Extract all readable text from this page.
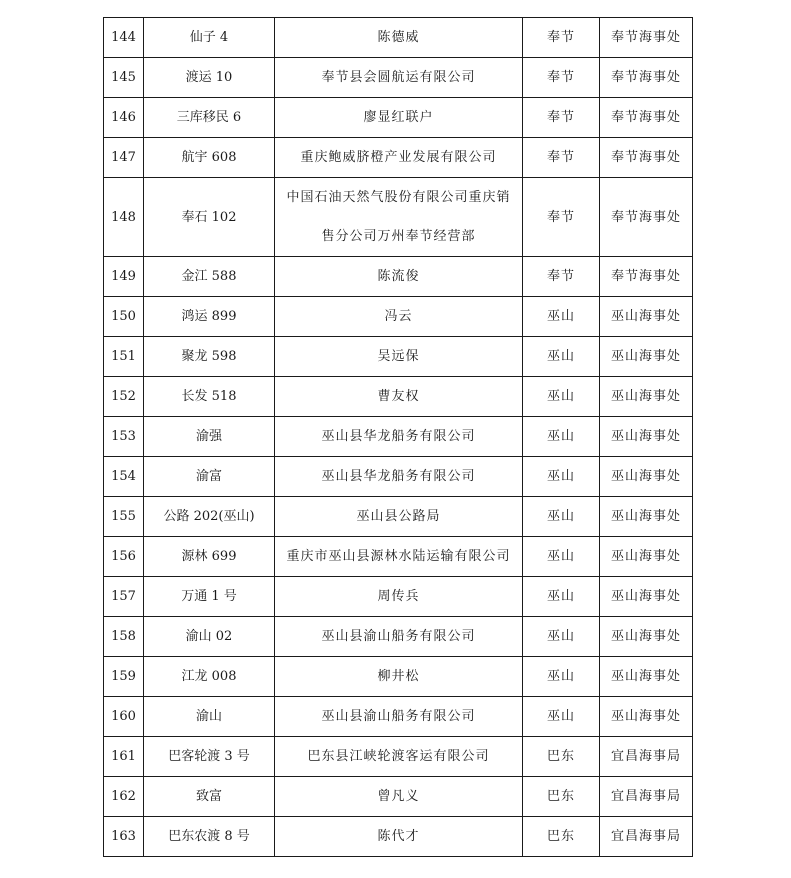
144	仙子 4	陈德威	奉节	奉节海事处
145	渡运 10	奉节县会圆航运有限公司	奉节	奉节海事处
146	三库移民 6	廖显红联户	奉节	奉节海事处
147	航宇 608	重庆鲍威脐橙产业发展有限公司	奉节	奉节海事处
148	奉石 102	中国石油天然气股份有限公司重庆销售分公司万州奉节经营部	奉节	奉节海事处
149	金江 588	陈流俊	奉节	奉节海事处
150	鸿运 899	冯云	巫山	巫山海事处
151	聚龙 598	吴远保	巫山	巫山海事处
152	长发 518	曹友权	巫山	巫山海事处
153	渝强	巫山县华龙船务有限公司	巫山	巫山海事处
154	渝富	巫山县华龙船务有限公司	巫山	巫山海事处
155	公路 202(巫山)	巫山县公路局	巫山	巫山海事处
156	源林 699	重庆市巫山县源林水陆运输有限公司	巫山	巫山海事处
157	万通 1 号	周传兵	巫山	巫山海事处
158	渝山 02	巫山县渝山船务有限公司	巫山	巫山海事处
159	江龙 008	柳井松	巫山	巫山海事处
160	渝山	巫山县渝山船务有限公司	巫山	巫山海事处
161	巴客轮渡 3 号	巴东县江峡轮渡客运有限公司	巴东	宜昌海事局
162	致富	曾凡义	巴东	宜昌海事局
163	巴东农渡 8 号	陈代才	巴东	宜昌海事局
